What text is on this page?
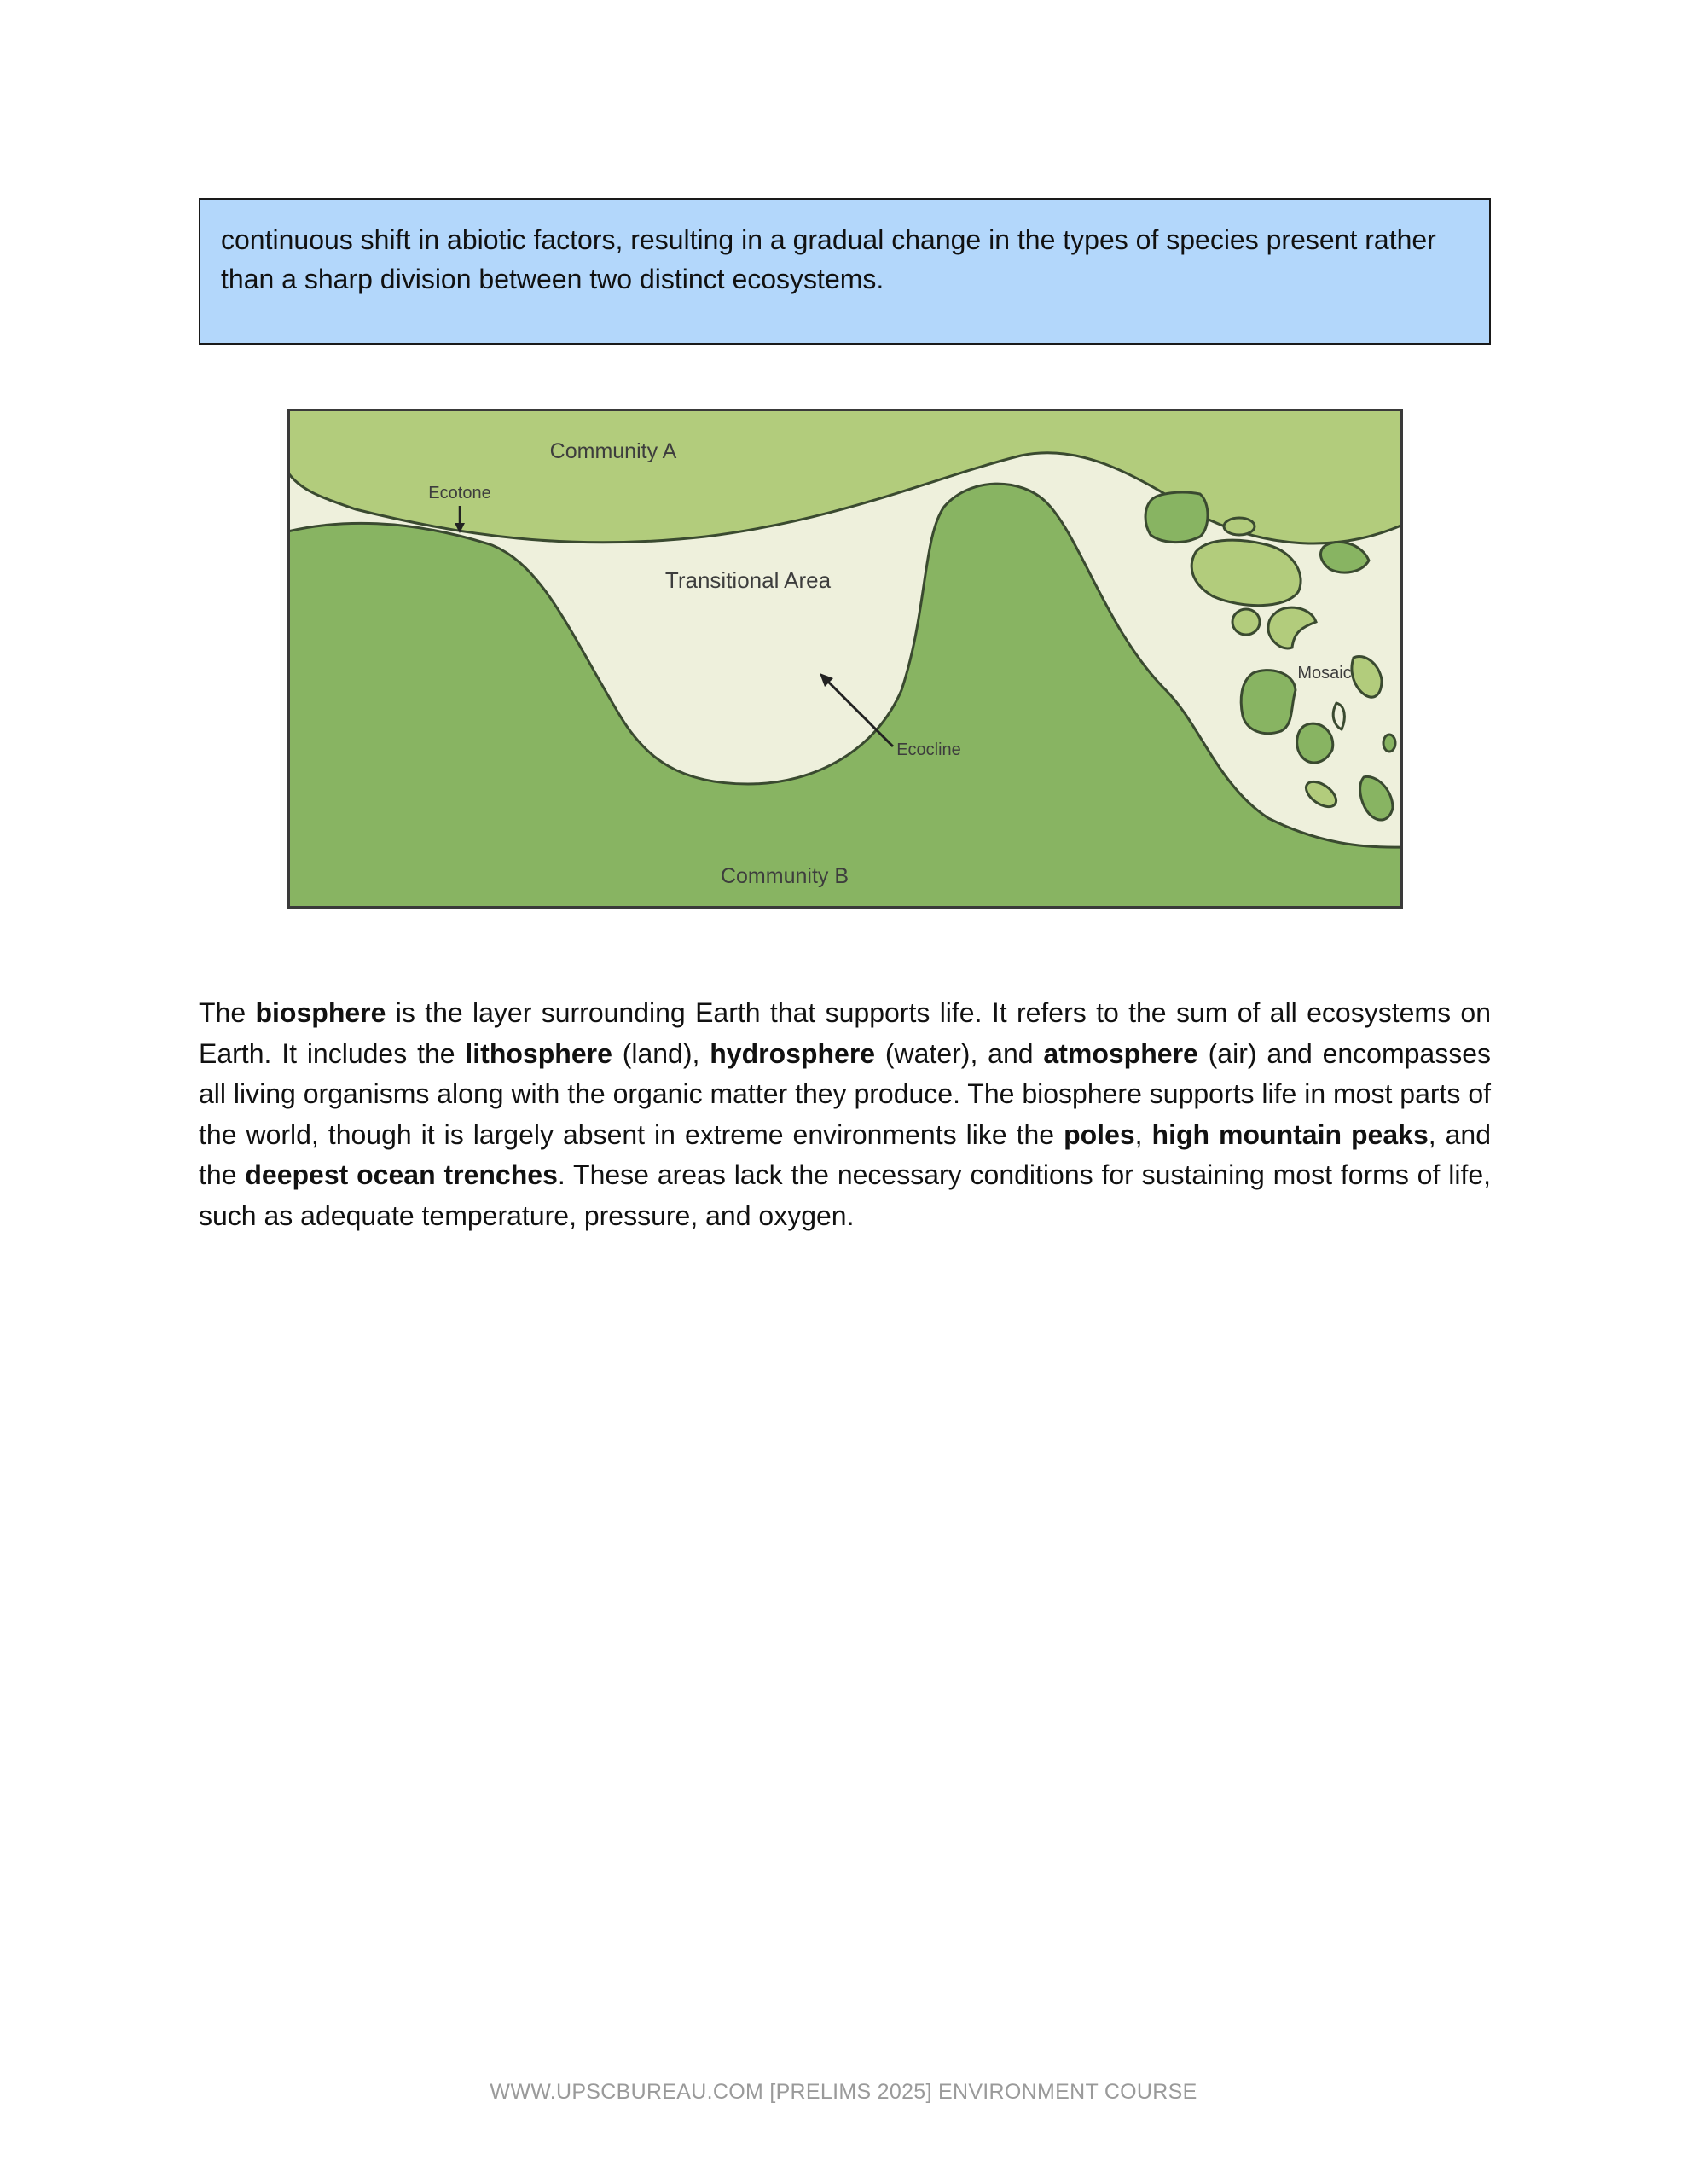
continuous shift in abiotic factors, resulting in a gradual change in the types of species present rather than a sharp division between two distinct ecosystems.
Community A
Ecotone
Transitional Area
Ecocline
Mosaic
Community B

The biosphere is the layer surrounding Earth that supports life. It refers to the sum of all ecosystems on Earth. It includes the lithosphere (land), hydrosphere (water), and atmosphere (air) and encompasses all living organisms along with the organic matter they produce. The biosphere supports life in most parts of the world, though it is largely absent in extreme environments like the poles, high mountain peaks, and the deepest ocean trenches. These areas lack the necessary conditions for sustaining most forms of life, such as adequate temperature, pressure, and oxygen.

WWW.UPSCBUREAU.COM [PRELIMS 2025] ENVIRONMENT COURSE
